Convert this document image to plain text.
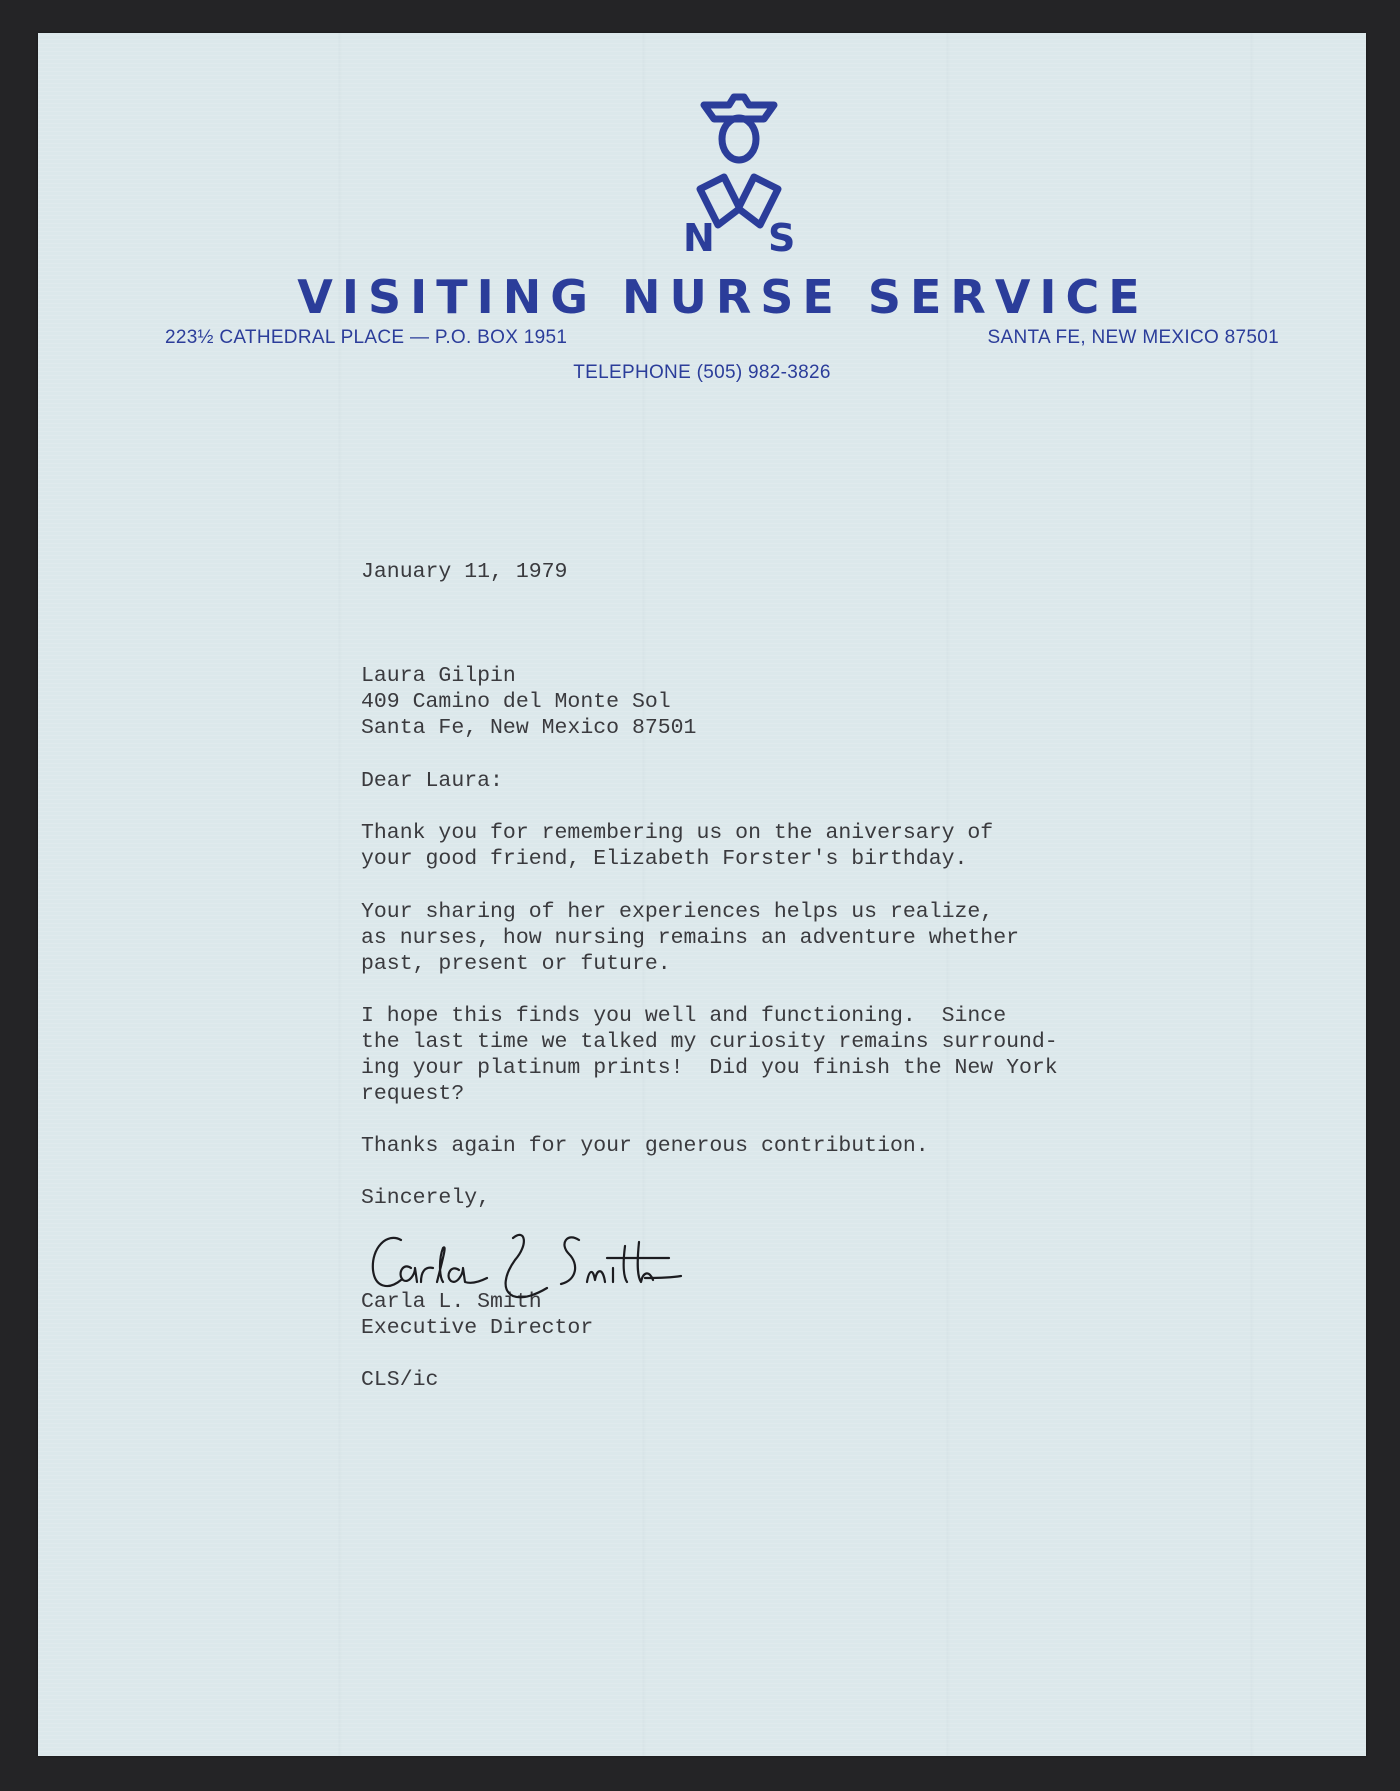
N S
VISITING NURSE SERVICE
223½ CATHEDRAL PLACE — P.O. BOX 1951	SANTA FE, NEW MEXICO 87501
TELEPHONE (505) 982-3826
January 11, 1979
Laura Gilpin
409 Camino del Monte Sol
Santa Fe, New Mexico 87501
Dear Laura:
Thank you for remembering us on the aniversary of
your good friend, Elizabeth Forster's birthday.
Your sharing of her experiences helps us realize,
as nurses, how nursing remains an adventure whether
past, present or future.
I hope this finds you well and functioning.  Since
the last time we talked my curiosity remains surround-
ing your platinum prints!  Did you finish the New York
request?
Thanks again for your generous contribution.
Sincerely,
Carla L. Smith
Executive Director
CLS/ic
